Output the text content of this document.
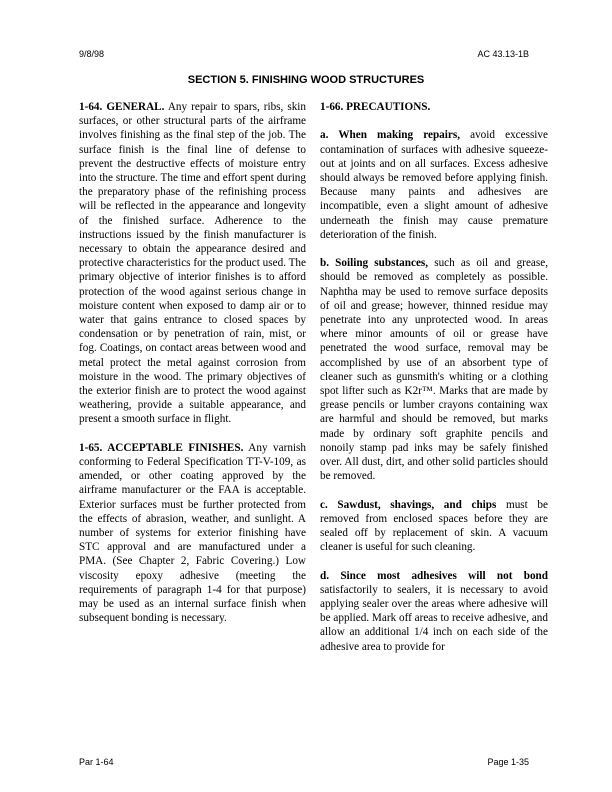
9/8/98	AC 43.13-1B
SECTION 5. FINISHING WOOD STRUCTURES

1-64. GENERAL. Any repair to spars, ribs, skin surfaces, or other structural parts of the airframe involves finishing as the final step of the job. The surface finish is the final line of defense to prevent the destructive effects of moisture entry into the structure. The time and effort spent during the preparatory phase of the refinishing process will be reflected in the appearance and longevity of the finished surface. Adherence to the instructions issued by the finish manufacturer is necessary to obtain the appearance desired and protective characteristics for the product used. The primary objective of interior finishes is to afford protection of the wood against serious change in moisture content when exposed to damp air or to water that gains entrance to closed spaces by condensation or by penetration of rain, mist, or fog. Coatings, on contact areas between wood and metal protect the metal against corrosion from moisture in the wood. The primary objectives of the exterior finish are to protect the wood against weathering, provide a suitable appearance, and present a smooth surface in flight.

1-65. ACCEPTABLE FINISHES. Any varnish conforming to Federal Specification TT-V-109, as amended, or other coating approved by the airframe manufacturer or the FAA is acceptable. Exterior surfaces must be further protected from the effects of abrasion, weather, and sunlight. A number of systems for exterior finishing have STC approval and are manufactured under a PMA. (See Chapter 2, Fabric Covering.) Low viscosity epoxy adhesive (meeting the requirements of paragraph 1-4 for that purpose) may be used as an internal surface finish when subsequent bonding is necessary.

1-66. PRECAUTIONS.

a. When making repairs, avoid excessive contamination of surfaces with adhesive squeeze-out at joints and on all surfaces. Excess adhesive should always be removed before applying finish. Because many paints and adhesives are incompatible, even a slight amount of adhesive underneath the finish may cause premature deterioration of the finish.

b. Soiling substances, such as oil and grease, should be removed as completely as possible. Naphtha may be used to remove surface deposits of oil and grease; however, thinned residue may penetrate into any unprotected wood. In areas where minor amounts of oil or grease have penetrated the wood surface, removal may be accomplished by use of an absorbent type of cleaner such as gunsmith's whiting or a clothing spot lifter such as K2r™. Marks that are made by grease pencils or lumber crayons containing wax are harmful and should be removed, but marks made by ordinary soft graphite pencils and nonoily stamp pad inks may be safely finished over. All dust, dirt, and other solid particles should be removed.

c. Sawdust, shavings, and chips must be removed from enclosed spaces before they are sealed off by replacement of skin. A vacuum cleaner is useful for such cleaning.

d. Since most adhesives will not bond satisfactorily to sealers, it is necessary to avoid applying sealer over the areas where adhesive will be applied. Mark off areas to receive adhesive, and allow an additional 1/4 inch on each side of the adhesive area to provide for

Par 1-64	Page 1-35
